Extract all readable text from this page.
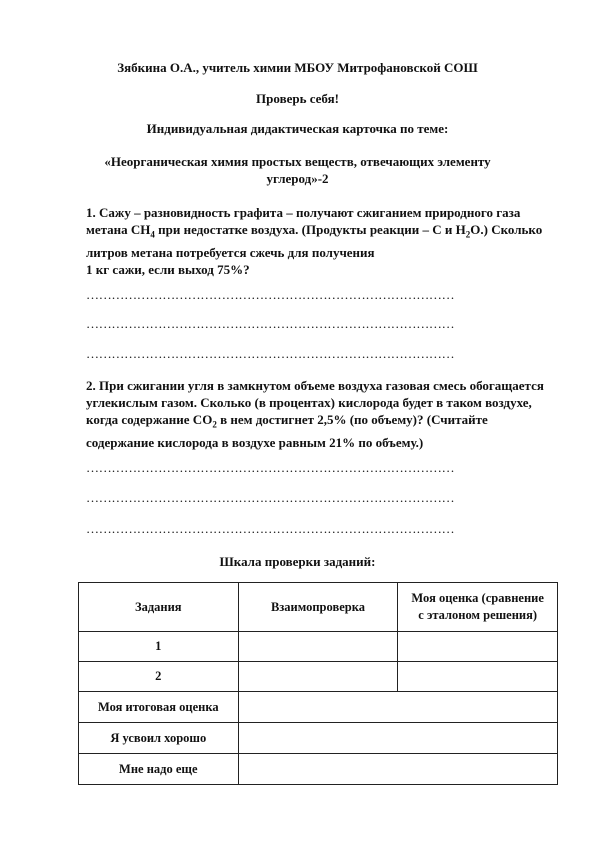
Зябкина О.А., учитель химии МБОУ Митрофановской СОШ
Проверь себя!
Индивидуальная дидактическая карточка по теме:
«Неорганическая химия простых веществ, отвечающих элементу
углерод»-2
1. Сажу – разновидность графита – получают сжиганием природного газа
метана $CH_4$ при недостатке воздуха. (Продукты реакции – С и $H_2O$.) Сколько
литров метана потребуется сжечь для получения
1 кг сажи, если выход 75%?
……………………………………………………………………………
……………………………………………………………………………
……………………………………………………………………………
2. При сжигании угля в замкнутом объеме воздуха газовая смесь обогащается
углекислым газом. Сколько (в процентах) кислорода будет в таком воздухе,
когда содержание $CO_2$ в нем достигнет 2,5% (по объему)? (Считайте
содержание кислорода в воздухе равным 21% по объему.)
……………………………………………………………………………
……………………………………………………………………………
……………………………………………………………………………
Шкала проверки заданий:
Задания	Взаимопроверка	Моя оценка (сравнение
с эталоном решения)

1		
2		
Моя итоговая оценка		
Я усвоил хорошо		
Мне надо еще		
